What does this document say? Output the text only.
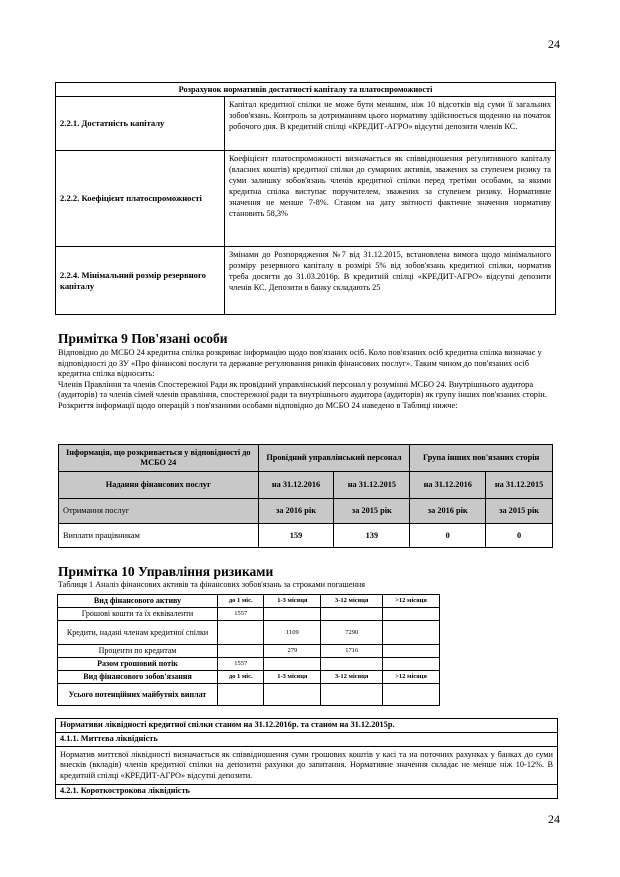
24
Розрахунок нормативів достатності капіталу та платоспроможності	
2.2.1. Достатність капіталу	Капітал кредитної спілки не може бути меншим, ніж 10 відсотків від суми її загальних зобов'язань. Контроль за дотриманням цього нормативу здійснюється щоденно на початок робочого дня. В кредитній спілці «КРЕДИТ-АГРО» відсутні депозити членів КС.
2.2.2. Коефіцієнт платоспроможності	Коефіцієнт платоспроможності визначається як співвідношення регулятивного капіталу (власних коштів) кредитної спілки до сумарних активів, зважених за ступенем ризику та суми залишку зобов'язань членів кредитної спілки перед третіми особами, за якими кредитна спілка виступає поручителем, зважених за ступенем ризику. Нормативне значення не менше 7-8%. Станом на дату звітності фактичне значення нормативу становить 58,3%
2.2.4. Мінімальний розмір резервного капіталу	Змінами до Розпорядження №7 від 31.12.2015, встановлена вимога щодо мінімального розміру резервного капіталу в розмірі 5% від зобов'язань кредитної спілки, норматив треба досягти до 31.03.2016р. В кредитній спілці «КРЕДИТ-АГРО» відсутні депозити членів КС. Депозити в банку складають 25
Примітка 9 Пов'язані особи
Відповідно до МСБО 24 кредитна спілка розкриває інформацію щодо пов'язаних осіб. Коло пов'язаних осіб кредитна спілка визначає у відповідності до ЗУ «Про фінансові послуги та державне регулювання ринків фінансових послуг». Таким чином до пов'язаних осіб кредитна спілка відносить:
Членів Правління та членів Спостережної Ради як провідний управлінський персонал у розумінні МСБО 24. Внутрішнього аудитора (аудиторів) та членів сімей членів правління, спостережної ради та внутрішнього аудитора (аудиторів) як групу інших пов'язаних сторін.
Розкриття інформації щодо операцій з пов'язаними особами відповідно до МСБО 24 наведено в Таблиці нижче:
Інформація, що розкривається у відповідності до МСБО 24	Провідний управлінський персонал		Група інших пов'язаних сторін	
Надання фінансових послуг	на 31.12.2016	на 31.12.2015	на 31.12.2016	на 31.12.2015
Отримання послуг	за 2016 рік	за 2015 рік	за 2016 рік	за 2015 рік
Виплати працівникам	159	139	0	0
Примітка 10 Управління ризиками
Таблиця 1 Аналіз фінансових активів та фінансових зобов'язань за строками погашення
Вид фінансового активу	до 1 міс.	1-3 місяця	3-12 місяця	>12 місяця
Грошові кошти та їх еквіваленти	1557			
Кредити, надані членам кредитної спілки		1109	7290	
Проценти по кредитам		279	1716	
Разом грошовий потік	1557			
Вид фінансового зобов'язання	до 1 міс.	1-3 місяця	3-12 місяця	>12 місяця
Усього потенційних майбутніх виплат				
Нормативи ліквідності кредитної спілки станом на 31.12.2016р. та станом на 31.12.2015р.
4.1.1. Миттєва ліквідність
Норматив миттєвої ліквідності визначається як співвідношення суми грошових коштів у касі та на поточних рахунках у банках до суми внесків (вкладів) членів кредитної спілки на депозитні рахунки до запитання. Нормативне значення складає не менше ніж 10-12%. В кредитній спілці «КРЕДИТ-АГРО» відсутні депозити.
4.2.1. Короткострокова ліквідність
24
